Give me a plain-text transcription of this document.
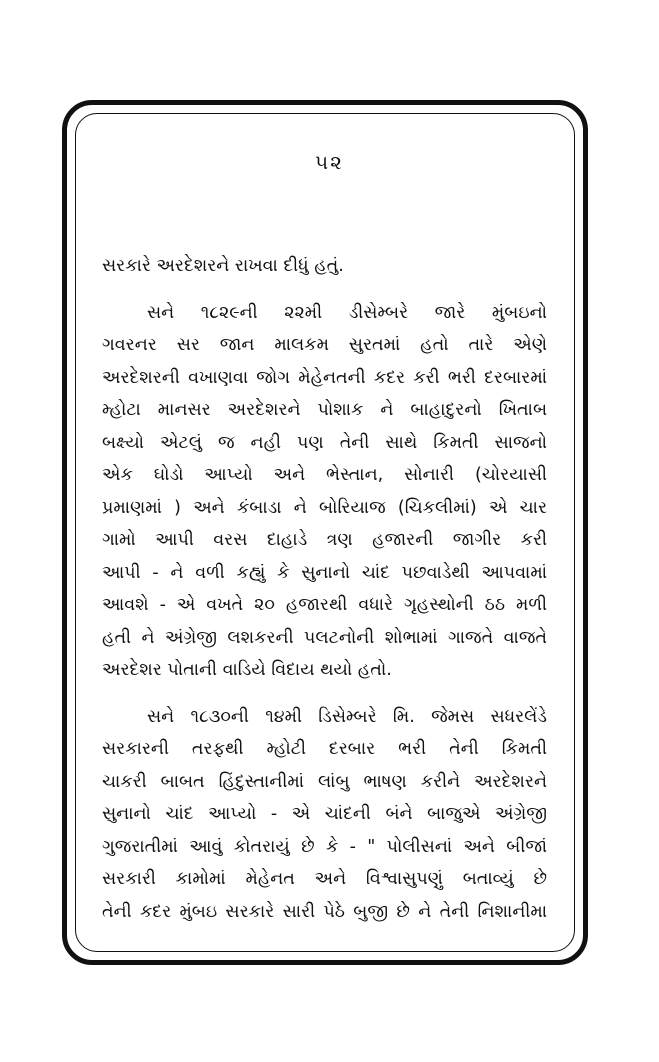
૫૨
સરકારે અરદેશરને રાખવા દીધું હતું.
સને ૧૮૨૯ની ૨૨મી ડીસેમ્બરે જારે મુંબઇનો
ગવરનર સર જાન માલકમ સુરતમાં હતો તારે એણે
અરદેશરની વખાણવા જોગ મેહેનતની કદર કરી ભરી દરબારમાં
મ્હોટા માનસર અરદેશરને પોશાક ને બાહાદુરનો ખિતાબ
બક્ષ્યો એટલું જ નહી પણ તેની સાથે કિમતી સાજનો
એક ઘોડો આપ્યો અને ભેસ્તાન, સોનારી (ચોરયાસી
પ્રમાણમાં ) અને કંબાડા ને બોરિયાજ (ચિકલીમાં) એ ચાર
ગામો આપી વરસ દાહાડે ત્રણ હજારની જાગીર કરી
આપી - ને વળી કહ્યું કે સુનાનો ચાંદ પછવાડેથી આપવામાં
આવશે - એ વખતે ૨૦ હજારથી વધારે ગૃહસ્થોની ઠઠ મળી
હતી ને અંગ્રેજી લશકરની પલટનોની શોભામાં ગાજતે વાજતે
અરદેશર પોતાની વાડિયે વિદાય થયો હતો.
સને ૧૮૩૦ની ૧૪મી ડિસેમ્બરે મિ. જેમસ સધરલેંડે
સરકારની તરફથી મ્હોટી દરબાર ભરી તેની કિમતી
ચાકરી બાબત હિંદુસ્તાનીમાં લાંબુ ભાષણ કરીને અરદેશરને
સુનાનો ચાંદ આપ્યો - એ ચાંદની બંને બાજુએ અંગ્રેજી
ગુજરાતીમાં આવું કોતરાયું છે કે - " પોલીસનાં અને બીજાં
સરકારી કામોમાં મેહેનત અને વિશ્વાસુપણું બતાવ્યું છે
તેની કદર મુંબઇ સરકારે સારી પેઠે બુજી છે ને તેની નિશાનીમા
